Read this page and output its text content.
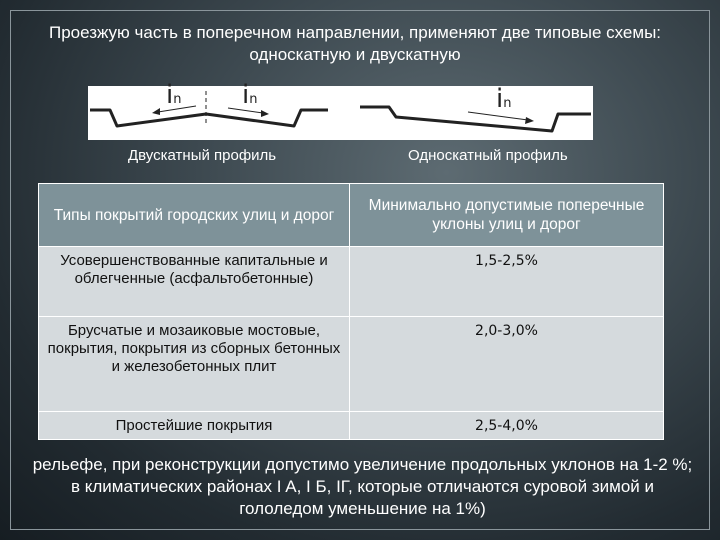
Проезжую часть в поперечном направлении, применяют две типовые схемы: односкатную и двускатную
in in	in
Двускатный профиль	Односкатный профиль
Типы покрытий городских улиц и дорог	Минимально допустимые поперечные уклоны улиц и дорог
Усовершенствованные капитальные и облегченные (асфальтобетонные)	1,5-2,5%
Брусчатые и мозаиковые мостовые, покрытия, покрытия из сборных бетонных и железобетонных плит	2,0-3,0%
Простейшие покрытия	2,5-4,0%
рельефе, при реконструкции допустимо увеличение продольных уклонов на 1-2 %; в климатических районах I A, I Б, IГ, которые отличаются суровой зимой и гололедом уменьшение на 1%)
